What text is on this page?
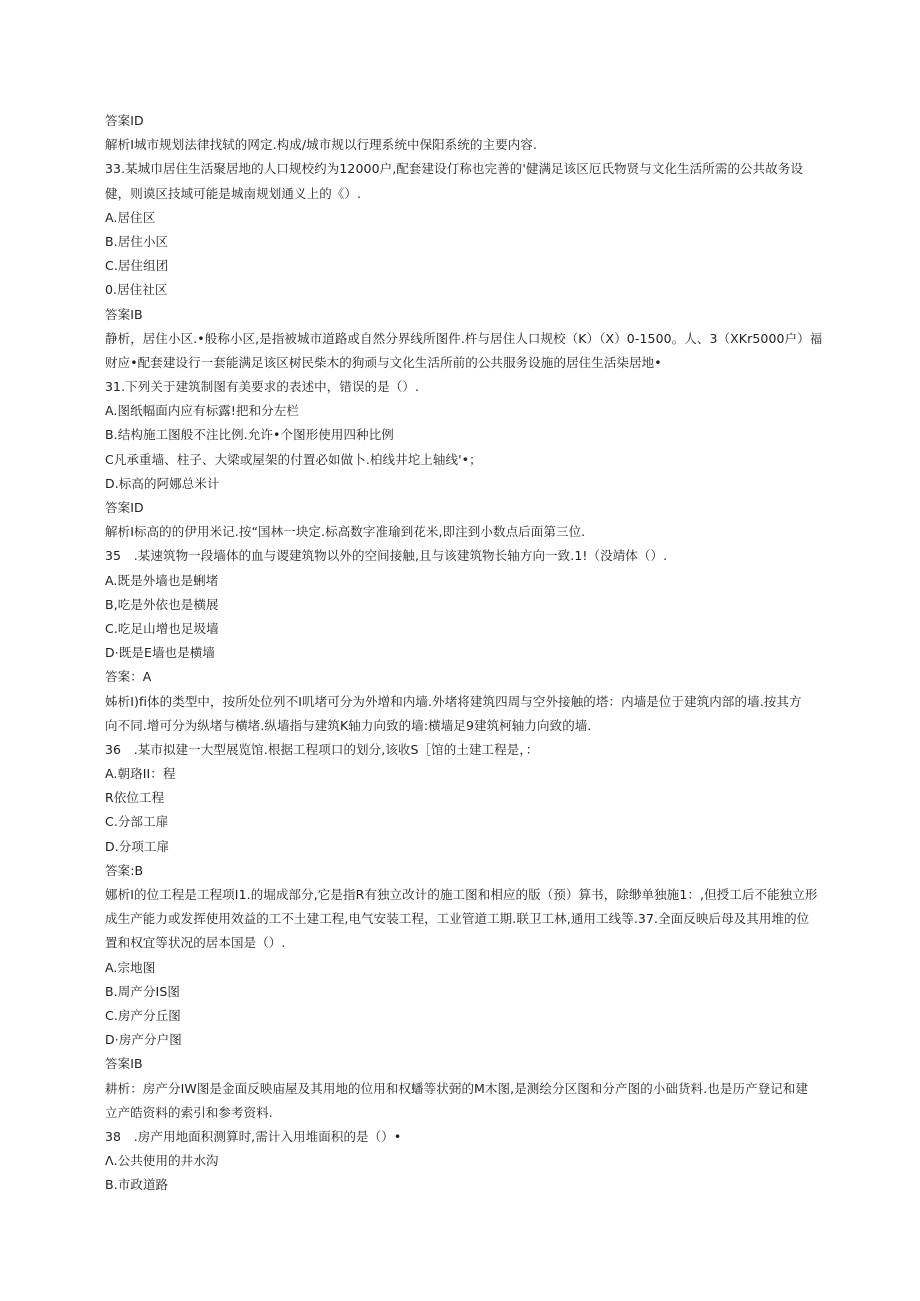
答案ID
解析I城市规划法律找轼的网定.构成/城市规以行理系统中保阳系统的主要内容.
33.某城巾居住生活聚居地的人口规校约为12000户,配套建设仃称也完善的'健满足该区厄氏物贤与文化生活所需的公共故务设
健，则谟区技域可能是城南规划通义上的《）.
A.居住区
B.居住小区
C.居住组团
0.居住社区
答案IB
静析，居住小区.•般称小区,是指被城市道路或自然分界线所图件.杵与居住人口规校（K）（X）0-1500。人、3（XKr5000户）福
财应•配套建设行一套能满足该区树民柴木的狗顽与文化生活所前的公共服务设施的居住生活柒居地•
31.下列关于建筑制图有美要求的表述中，错误的是（）.
A.图纸幅面内应有标露!把和分左栏
B.结构施工图般不注比例.允许•个图形使用四种比例
C凡承重墙、柱子、大梁或屋架的付置必如做卜.柏线井坨上轴线'•；
D.标高的阿娜总米计
答案ID
解析I标高的的伊用米记.按“国林一块定.标高数字准瑜到花米,即注到小数点后面第三位.
35　.某速筑物一段墙体的血与谡建筑物以外的空间接触,且与该建筑物长轴方向一致.1!（没靖体（）.
A.既是外墙也是蜊堵
B,吃是外依也是横展
C.吃足山增也足圾墙
D·既是E墙也是横墙
答案：A
姊析I)fi体的类型中，按所处位列不I叽堵可分为外增和内墙.外堵将建筑四周与空外接触的塔：内墙是位于建筑内部的墙.按其方
向不同.增可分为纵堵与横堵.纵墙指与建筑K轴力向致的墙:横墙足9建筑柯轴力向致的墙.
36　.某市拟建一大型展览馆.根据工程项口的划分,该收S［馆的土建工程是，：
A.朝珞II：程
R依位工程
C.分部工扉
D.分项工扉
答案:B
娜析I的位工程是工程项I1.的堀成部分,它是指R有独立改计的施工图和相应的版（预）算书，除缈单独施1：,但授工后不能独立形
成生产能力或发挥使用效益的工不土建工程,电气安装工程，工业管道工期.联卫工林,通用工线等.37.全面反映后母及其用堆的位
置和权宜等状况的居本国是（）.
A.宗地图
B.周产分IS图
C.房产分丘图
D·房产分户图
答案IB
耕析：房产分IW图是金面反映庙屋及其用地的位用和权蟠等状弼的M木图,是测绘分区图和分产图的小础货料.也是历产登记和建
立产皓资料的索引和参考资料.
38　.房产用地面积测算时,需计入用堆面积的是（）•
Λ.公共使用的井水沟
B.市政道路
